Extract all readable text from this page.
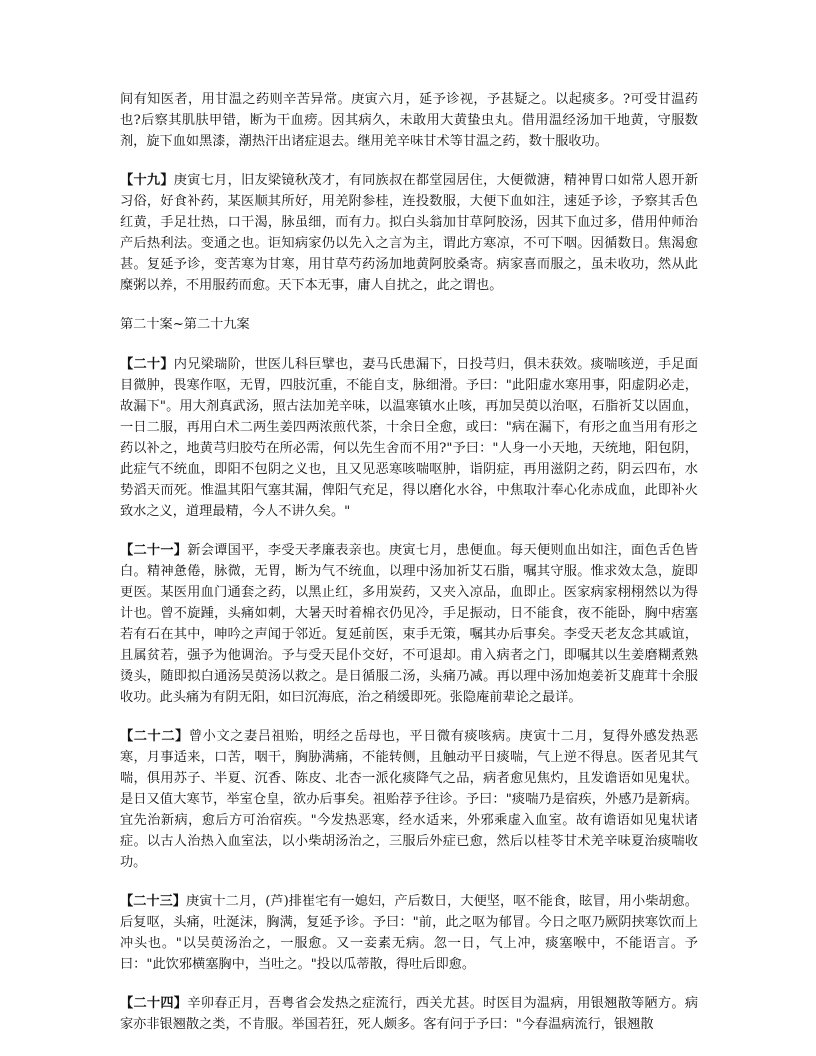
间有知医者，用甘温之药则辛苦异常。庚寅六月，延予诊视，予甚疑之。以起痰多。?可受甘温药也?后察其肌肤甲错，断为干血痨。因其病久，未敢用大黄蛰虫丸。借用温经汤加干地黄，守服数剂，旋下血如黑漆，潮热汗出诸症退去。继用羌辛味甘术等甘温之药，数十服收功。

【十九】庚寅七月，旧友梁镜秋茂才，有同族叔在都堂园居住，大便微溏，精神胃口如常人恩开新习俗，好食补药，某医顺其所好，用羌附参桂，连投数服，大便下血如注，速延予诊，予察其舌色红黄，手足壮热，口干渴，脉虽细，而有力。拟白头翁加甘草阿胶汤，因其下血过多，借用仲师治产后热利法。变通之也。讵知病家仍以先入之言为主，谓此方寒凉，不可下咽。因循数日。焦渴愈甚。复延予诊，变苦寒为甘寒，用甘草芍药汤加地黄阿胶桑寄。病家喜而服之，虽未收功，然从此糜粥以养，不用服药而愈。天下本无事，庸人自扰之，此之谓也。

第二十案~第二十九案

【二十】内兄梁瑞阶，世医儿科巨擘也，妻马氏患漏下，日投芎归，俱未获效。痰喘咳逆，手足面目微肿，畏寒作呕，无胃，四肢沉重，不能自支，脉细滑。予曰："此阳虚水寒用事，阳虚阴必走，故漏下"。用大剂真武汤，照古法加羌辛味，以温寒镇水止咳，再加吴萸以治呕，石脂祈艾以固血，一日二服，再用白术二两生姜四两浓煎代茶，十余日全愈，或曰："病在漏下，有形之血当用有形之药以补之，地黄芎归胶芍在所必需，何以先生舍而不用?"予曰："人身一小天地，天统地，阳包阴，此症气不统血，即阳不包阴之义也，且又见恶寒咳喘呕肿，诣阴症，再用滋阴之药，阴云四布，水势滔天而死。惟温其阳气塞其漏，俾阳气充足，得以磨化水谷，中焦取汁奉心化赤成血，此即补火致水之义，道理最精，今人不讲久矣。"

【二十一】新会谭国平，李受天孝廉表亲也。庚寅七月，患便血。每天便则血出如注，面色舌色皆白。精神惫倦，脉微，无胃，断为气不统血，以理中汤加祈艾石脂，嘱其守服。惟求效太急，旋即更医。某医用血门通套之药，以黑止红，多用炭药，又夹入凉品，血即止。医家病家栩栩然以为得计也。曾不旋踵，头痛如刺，大暑天时着棉衣仍见冷，手足振动，日不能食，夜不能卧，胸中痞塞若有石在其中，呻吟之声闻于邻近。复延前医，束手无策，嘱其办后事矣。李受天老友念其戚谊，且属贫若，强予为他调治。予与受天昆仆交好，不可退却。甫入病者之门，即嘱其以生姜磨糊煮熟烫头，随即拟白通汤吴萸汤以救之。是日循服二汤，头痛乃减。再以理中汤加炮姜祈艾鹿茸十余服收功。此头痛为有阴无阳，如曰沉海底，治之稍缓即死。张隐庵前辈论之最详。

【二十二】曾小文之妻吕祖贻，明经之岳母也，平日微有痰咳病。庚寅十二月，复得外感发热恶寒，月事适来，口苦，咽干，胸胁满痛，不能转侧，且触动平日痰喘，气上逆不得息。医者见其气喘，俱用苏子、半夏、沉香、陈皮、北杏一派化痰降气之品，病者愈见焦灼，且发谵语如见鬼状。是日又值大寒节，举室仓皇，欲办后事矣。祖贻荐予往诊。予曰："痰喘乃是宿疾，外感乃是新病。宜先治新病，愈后方可治宿疾。"今发热恶寒，经水适来，外邪乘虚入血室。故有谵语如见鬼状诸症。以古人治热入血室法，以小柴胡汤治之，三服后外症已愈，然后以桂苓甘术羌辛味夏治痰喘收功。

【二十三】庚寅十二月，(芦)排崔宅有一媳妇，产后数日，大便坚，呕不能食，眩冒，用小柴胡愈。后复呕，头痛，吐涎沫，胸满，复延予诊。予曰："前，此之呕为郁冒。今日之呕乃厥阴挟寒饮而上冲头也。"以吴萸汤治之，一服愈。又一妾素无病。忽一日，气上冲，痰塞喉中，不能语言。予曰："此饮邪横塞胸中，当吐之。"投以瓜蒂散，得吐后即愈。

【二十四】辛卯春正月，吾粤省会发热之症流行，西关尤甚。时医目为温病，用银翘散等陋方。病家亦非银翘散之类，不肯服。举国若狂，死人颇多。客有问于予曰："今春温病流行，银翘散
